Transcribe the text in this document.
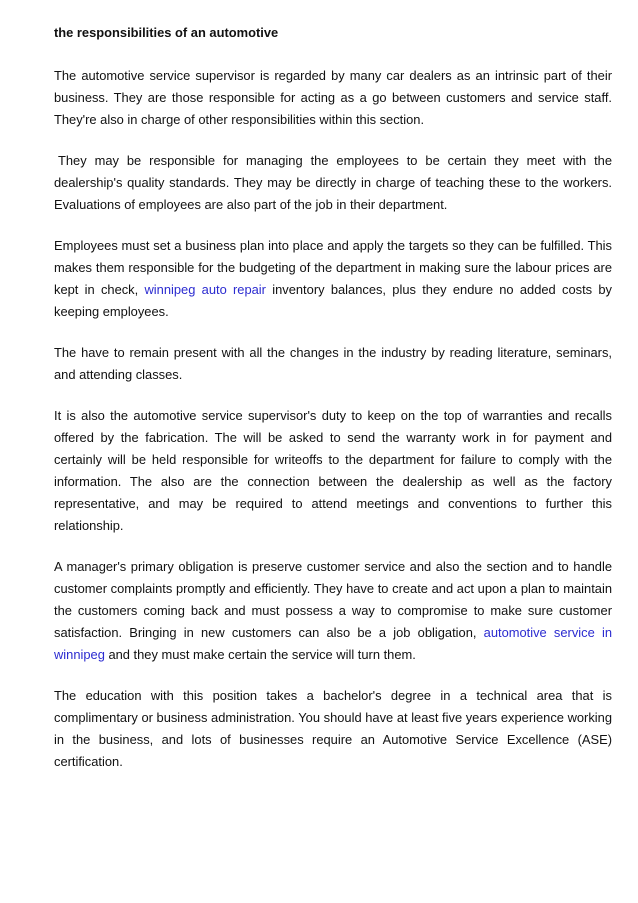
the responsibilities of an automotive

The automotive service supervisor is regarded by many car dealers as an intrinsic part of their business. They are those responsible for acting as a go between customers and service staff. They're also in charge of other responsibilities within this section.

They may be responsible for managing the employees to be certain they meet with the dealership's quality standards. They may be directly in charge of teaching these to the workers. Evaluations of employees are also part of the job in their department.

Employees must set a business plan into place and apply the targets so they can be fulfilled. This makes them responsible for the budgeting of the department in making sure the labour prices are kept in check, winnipeg auto repair inventory balances, plus they endure no added costs by keeping employees.

The have to remain present with all the changes in the industry by reading literature, seminars, and attending classes.

It is also the automotive service supervisor's duty to keep on the top of warranties and recalls offered by the fabrication. The will be asked to send the warranty work in for payment and certainly will be held responsible for writeoffs to the department for failure to comply with the information. The also are the connection between the dealership as well as the factory representative, and may be required to attend meetings and conventions to further this relationship.

A manager's primary obligation is preserve customer service and also the section and to handle customer complaints promptly and efficiently. They have to create and act upon a plan to maintain the customers coming back and must possess a way to compromise to make sure customer satisfaction. Bringing in new customers can also be a job obligation, automotive service in winnipeg and they must make certain the service will turn them.

The education with this position takes a bachelor's degree in a technical area that is complimentary or business administration. You should have at least five years experience working in the business, and lots of businesses require an Automotive Service Excellence (ASE) certification.
